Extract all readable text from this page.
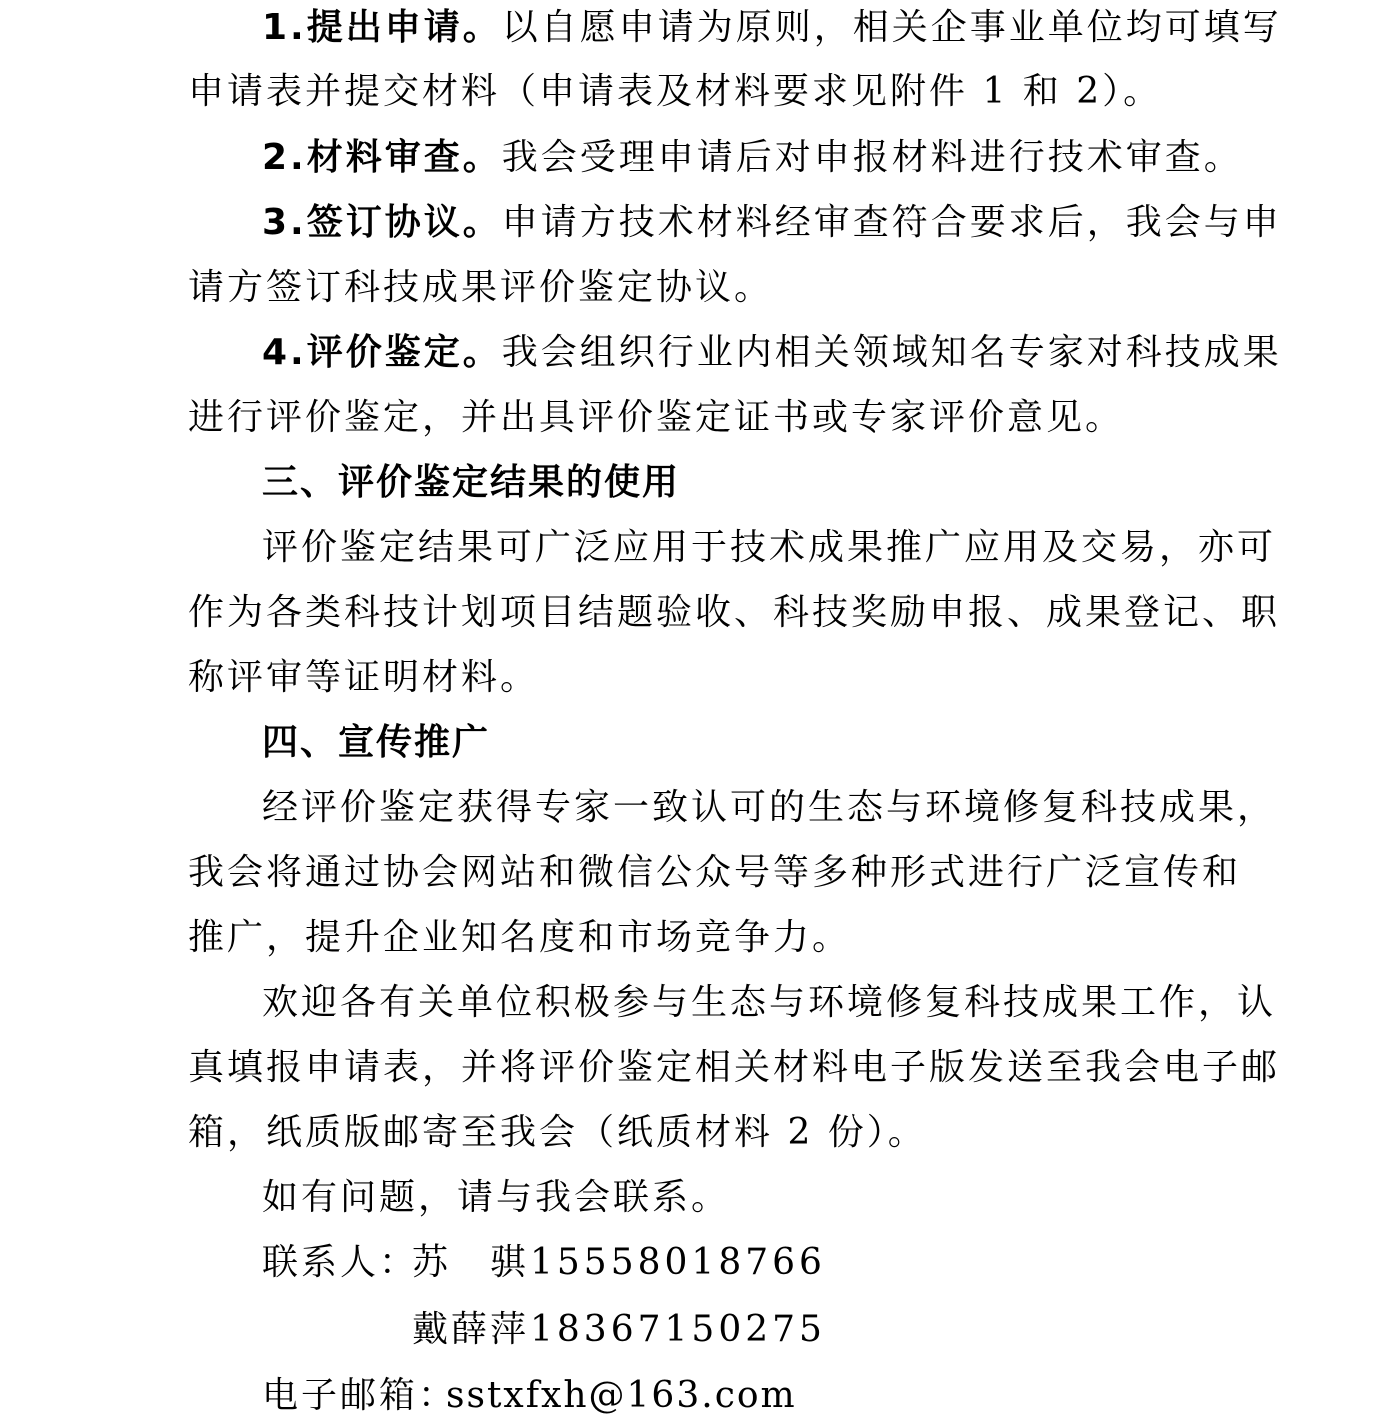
1.提出申请。以自愿申请为原则，相关企事业单位均可填写
申请表并提交材料（申请表及材料要求见附件 1 和 2）。
2.材料审查。我会受理申请后对申报材料进行技术审查。
3.签订协议。申请方技术材料经审查符合要求后，我会与申
请方签订科技成果评价鉴定协议。
4.评价鉴定。我会组织行业内相关领域知名专家对科技成果
进行评价鉴定，并出具评价鉴定证书或专家评价意见。
三、评价鉴定结果的使用
评价鉴定结果可广泛应用于技术成果推广应用及交易，亦可
作为各类科技计划项目结题验收、科技奖励申报、成果登记、职
称评审等证明材料。
四、宣传推广
经评价鉴定获得专家一致认可的生态与环境修复科技成果，
我会将通过协会网站和微信公众号等多种形式进行广泛宣传和
推广，提升企业知名度和市场竞争力。
欢迎各有关单位积极参与生态与环境修复科技成果工作，认
真填报申请表，并将评价鉴定相关材料电子版发送至我会电子邮
箱，纸质版邮寄至我会（纸质材料 2 份）。
如有问题，请与我会联系。
联系人：
苏　骐 15558018766
戴薛萍 18367150275
电子邮箱：
sstxfxh@163.com
